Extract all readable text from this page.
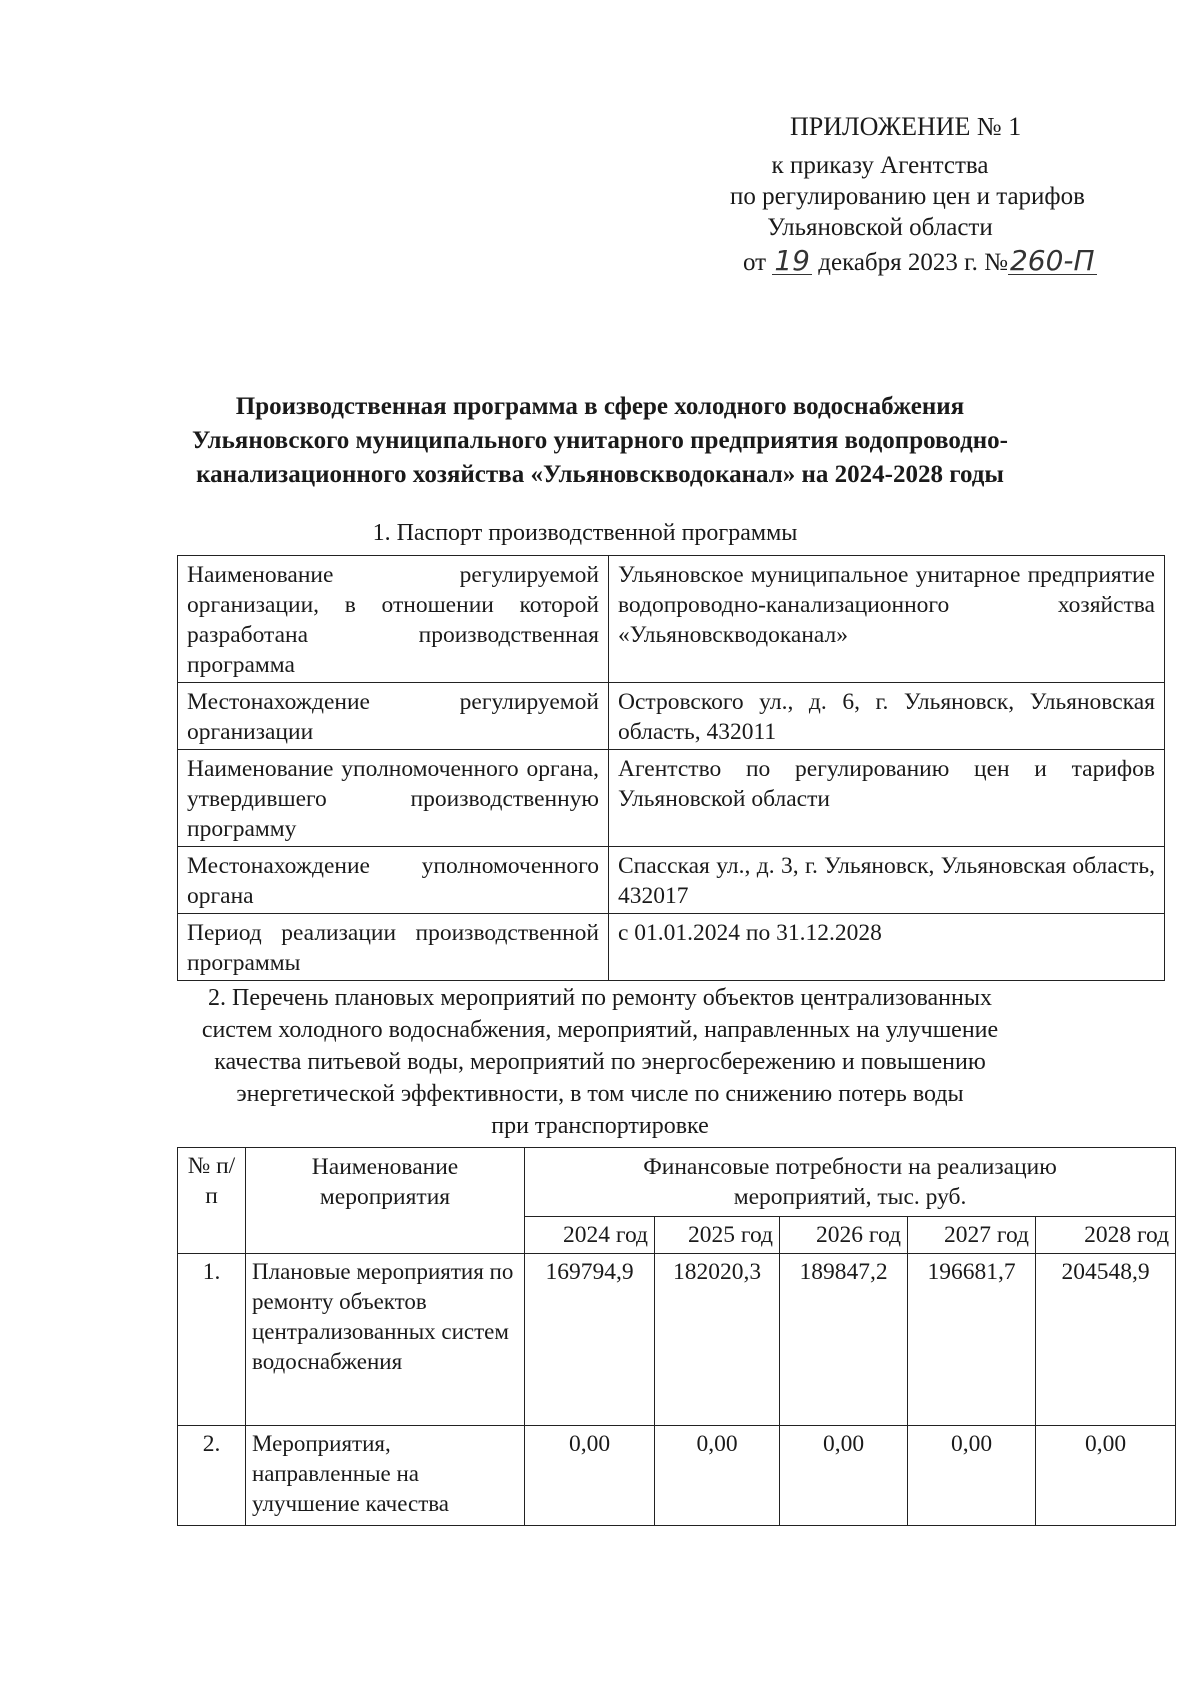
ПРИЛОЖЕНИЕ № 1
к приказу Агентства
по регулированию цен и тарифов
Ульяновской области
от 19 декабря 2023 г. №260-П
Производственная программа в сфере холодного водоснабжения
Ульяновского муниципального унитарного предприятия водопроводно-
канализационного хозяйства «Ульяновскводоканал» на 2024-2028 годы
1. Паспорт производственной программы
Наименование регулируемой организации, в отношении которой разработана производственная программа	Ульяновское муниципальное унитарное предприятие водопроводно-канализационного хозяйства «Ульяновскводоканал»
Местонахождение регулируемой организации	Островского ул., д. 6, г. Ульяновск, Ульяновская область, 432011
Наименование уполномоченного органа, утвердившего производственную программу	Агентство по регулированию цен и тарифов Ульяновской области
Местонахождение уполномоченного органа	Спасская ул., д. 3, г. Ульяновск, Ульяновская область, 432017
Период реализации производственной программы	с 01.01.2024 по 31.12.2028
2. Перечень плановых мероприятий по ремонту объектов централизованных
систем холодного водоснабжения, мероприятий, направленных на улучшение
качества питьевой воды, мероприятий по энергосбережению и повышению
энергетической эффективности, в том числе по снижению потерь воды
при транспортировке
№ п/п	Наименование мероприятия	Финансовые потребности на реализацию мероприятий, тыс. руб.				
		2024 год	2025 год	2026 год	2027 год	2028 год
1.	Плановые мероприятия по ремонту объектов централизованных систем водоснабжения	169794,9	182020,3	189847,2	196681,7	204548,9
2.	Мероприятия, направленные на улучшение качества	0,00	0,00	0,00	0,00	0,00
